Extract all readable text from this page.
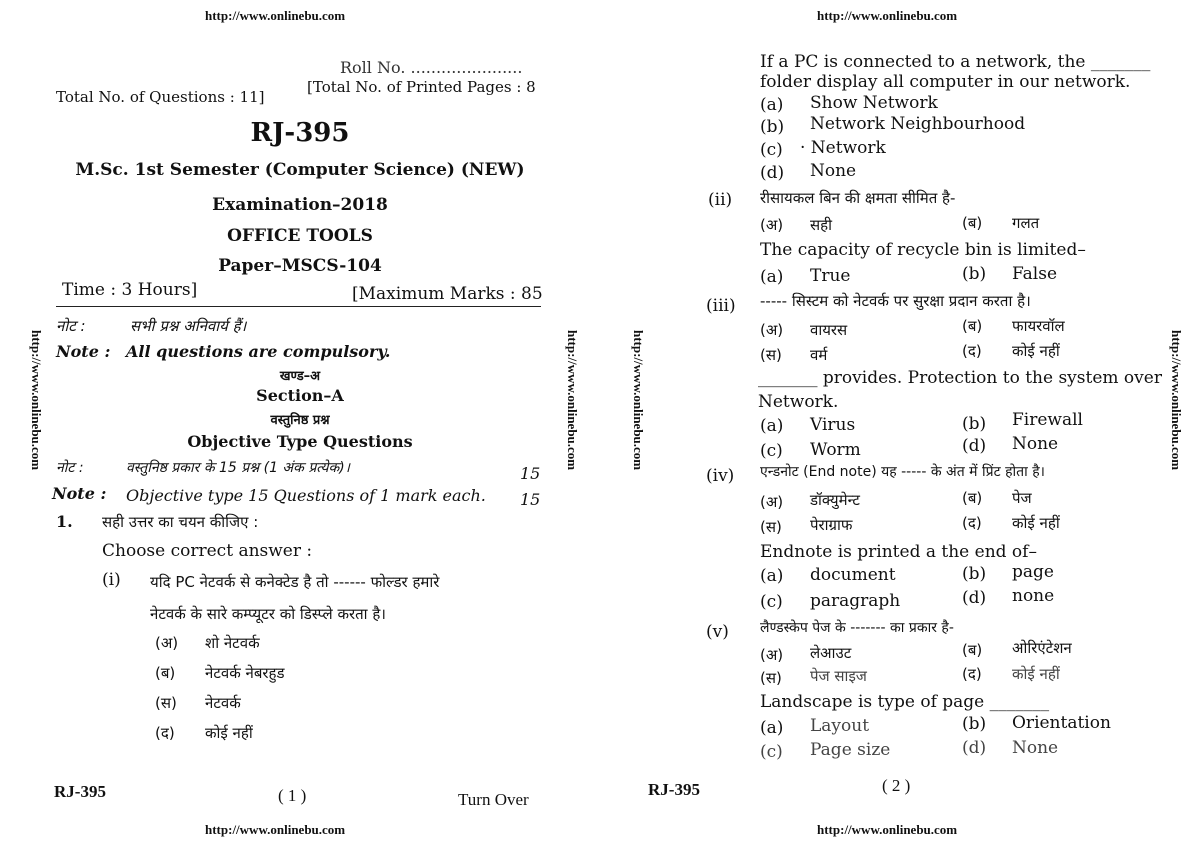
http://www.onlinebu.com	http://www.onlinebu.com
http://www.onlinebu.com	http://www.onlinebu.com	http://www.onlinebu.com	http://www.onlinebu.com
Roll No. ......................
Total No. of Questions : 11]
[Total No. of Printed Pages : 8
RJ-395
M.Sc. 1st Semester (Computer Science) (NEW)
Examination–2018
OFFICE TOOLS
Paper–MSCS-104
Time : 3 Hours]	[Maximum Marks : 85
नोट :	सभी प्रश्न अनिवार्य हैं।
Note : All questions are compulsory.
खण्ड–अ
Section–A
वस्तुनिष्ठ प्रश्न
Objective Type Questions
नोट :	वस्तुनिष्ठ प्रकार के 15 प्रश्न (1 अंक प्रत्येक)।	15
Note : Objective type 15 Questions of 1 mark each. 15
1. सही उत्तर का चयन कीजिए :
Choose correct answer :
(i) यदि PC नेटवर्क से कनेक्टेड है तो ------ फोल्डर हमारे
नेटवर्क के सारे कम्प्यूटर को डिस्प्ले करता है।
(अ) शो नेटवर्क
(ब) नेटवर्क नेबरहुड
(स) नेटवर्क
(द) कोई नहीं
RJ-395	( 1 )	Turn Over
http://www.onlinebu.com
If a PC is connected to a network, the _______
folder display all computer in our network.
(a) Show Network
(b) Network Neighbourhood
(c) · Network
(d) None
(ii) रीसायकल बिन की क्षमता सीमित है-
(अ) सही	(ब) गलत
The capacity of recycle bin is limited–
(a) True	(b) False
(iii) ----- सिस्टम को नेटवर्क पर सुरक्षा प्रदान करता है।
(अ) वायरस	(ब) फायरवॉल
(स) वर्म	(द) कोई नहीं
_______ provides. Protection to the system over
Network.
(a) Virus	(b) Firewall
(c) Worm	(d) None
(iv) एन्डनोट (End note) यह ----- के अंत में प्रिंट होता है।
(अ) डॉक्युमेन्ट	(ब) पेज
(स) पेराग्राफ	(द) कोई नहीं
Endnote is printed a the end of–
(a) document	(b) page
(c) paragraph	(d) none
(v) लैण्डस्केप पेज के ------- का प्रकार है-
(अ) लेआउट	(ब) ओरिएंटेशन
(स) पेज साइज	(द) कोई नहीं
Landscape is type of page _______
(a) Layout	(b) Orientation
(c) Page size	(d) None
RJ-395	( 2 )
http://www.onlinebu.com
